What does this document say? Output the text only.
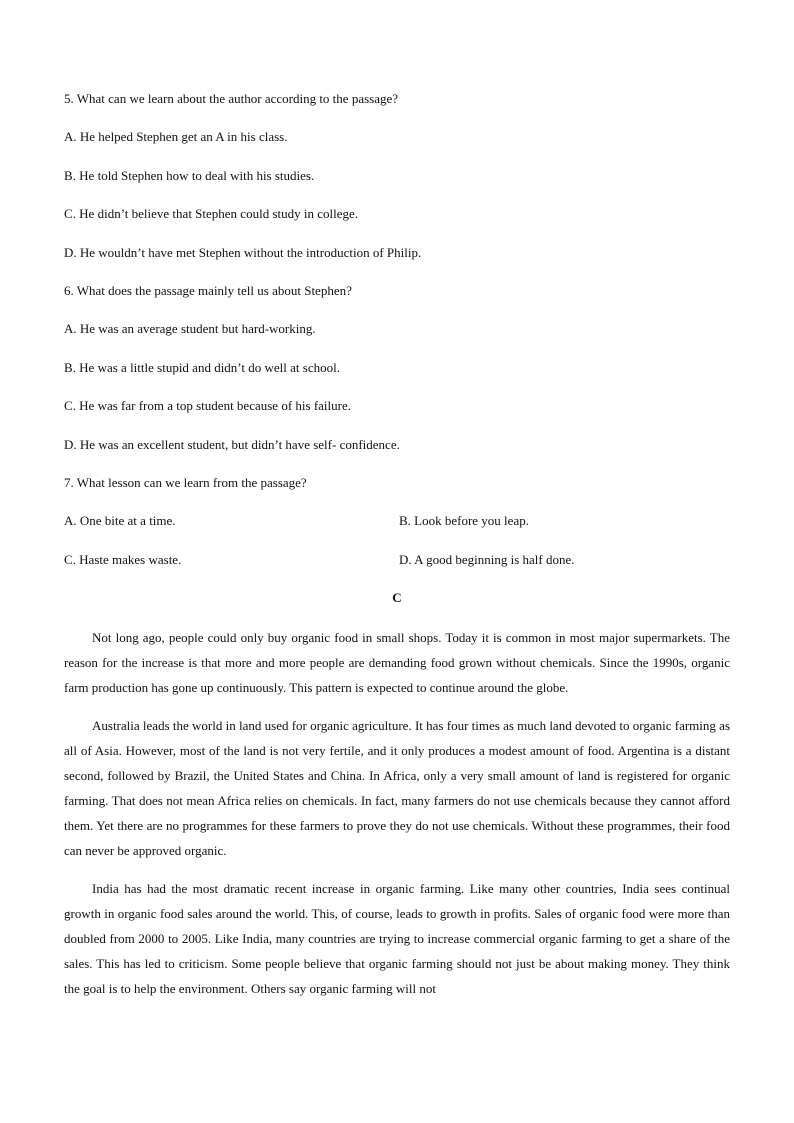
5. What can we learn about the author according to the passage?
A. He helped Stephen get an A in his class.
B. He told Stephen how to deal with his studies.
C. He didn’t believe that Stephen could study in college.
D. He wouldn’t have met Stephen without the introduction of Philip.
6. What does the passage mainly tell us about Stephen?
A. He was an average student but hard-working.
B. He was a little stupid and didn’t do well at school.
C. He was far from a top student because of his failure.
D. He was an excellent student, but didn’t have self- confidence.
7. What lesson can we learn from the passage?
A. One bite at a time.	B. Look before you leap.
C. Haste makes waste.	D. A good beginning is half done.
C

Not long ago, people could only buy organic food in small shops. Today it is common in most major supermarkets. The reason for the increase is that more and more people are demanding food grown without chemicals. Since the 1990s, organic farm production has gone up continuously. This pattern is expected to continue around the globe.

Australia leads the world in land used for organic agriculture. It has four times as much land devoted to organic farming as all of Asia. However, most of the land is not very fertile, and it only produces a modest amount of food. Argentina is a distant second, followed by Brazil, the United States and China. In Africa, only a very small amount of land is registered for organic farming. That does not mean Africa relies on chemicals. In fact, many farmers do not use chemicals because they cannot afford them. Yet there are no programmes for these farmers to prove they do not use chemicals. Without these programmes, their food can never be approved organic.

India has had the most dramatic recent increase in organic farming. Like many other countries, India sees continual growth in organic food sales around the world. This, of course, leads to growth in profits. Sales of organic food were more than doubled from 2000 to 2005. Like India, many countries are trying to increase commercial organic farming to get a share of the sales. This has led to criticism. Some people believe that organic farming should not just be about making money. They think the goal is to help the environment. Others say organic farming will not
